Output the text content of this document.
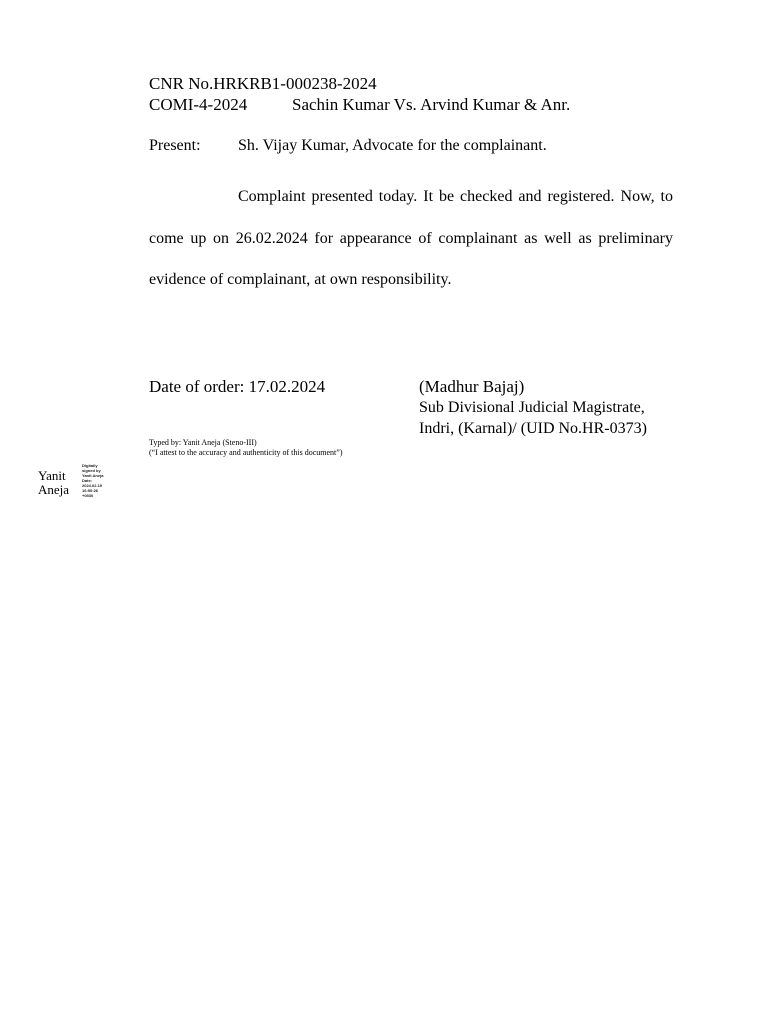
CNR No.HRKRB1-000238-2024
COMI-4-2024	Sachin Kumar Vs. Arvind Kumar & Anr.
Present: Sh. Vijay Kumar, Advocate for the complainant.

Complaint presented today. It be checked and registered. Now, to come up on 26.02.2024 for appearance of complainant as well as preliminary evidence of complainant, at own responsibility.

Date of order: 17.02.2024	(Madhur Bajaj)
Sub Divisional Judicial Magistrate,
Indri, (Karnal)/ (UID No.HR-0373)
Typed by: Yanit Aneja (Steno-III)
(“I attest to the accuracy and authenticity of this document”)
Yanit
Aneja
Digitally
signed by
Yanit Aneja
Date:
2024.02.19
16:50:26
+0530
